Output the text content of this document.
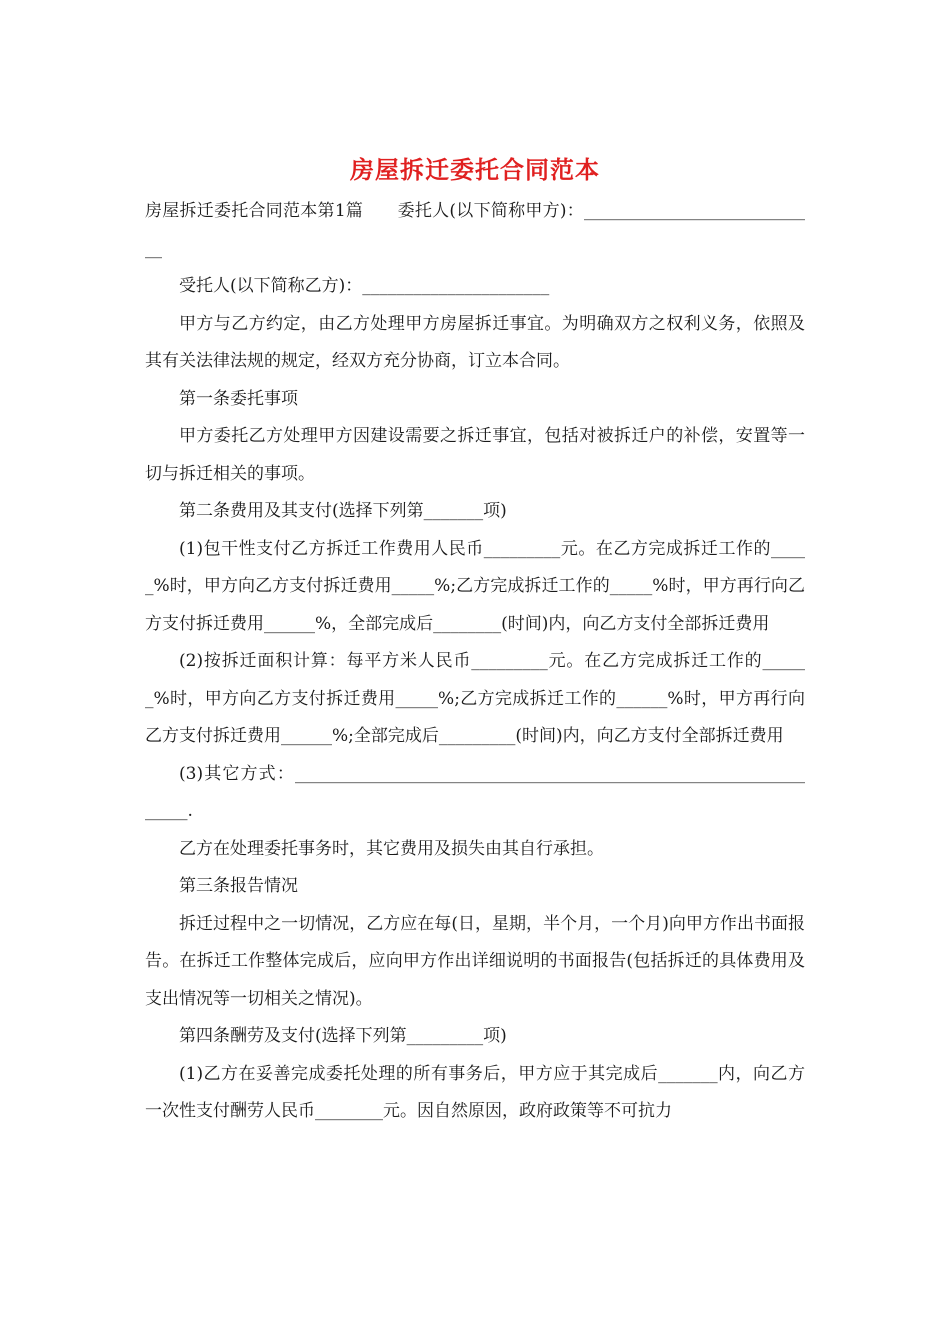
房屋拆迁委托合同范本

房屋拆迁委托合同范本第1篇　　委托人(以下简称甲方)：____________________________

受托人(以下简称乙方)：______________________

甲方与乙方约定，由乙方处理甲方房屋拆迁事宜。为明确双方之权利义务，依照及其有关法律法规的规定，经双方充分协商，订立本合同。

第一条委托事项

甲方委托乙方处理甲方因建设需要之拆迁事宜，包括对被拆迁户的补偿，安置等一切与拆迁相关的事项。

第二条费用及其支付(选择下列第_______项)

(1)包干性支付乙方拆迁工作费用人民币_________元。在乙方完成拆迁工作的_____%时，甲方向乙方支付拆迁费用_____%;乙方完成拆迁工作的_____%时，甲方再行向乙方支付拆迁费用______%，全部完成后________(时间)内，向乙方支付全部拆迁费用

(2)按拆迁面积计算：每平方米人民币_________元。在乙方完成拆迁工作的______%时，甲方向乙方支付拆迁费用_____%;乙方完成拆迁工作的______%时，甲方再行向乙方支付拆迁费用______%;全部完成后_________(时间)内，向乙方支付全部拆迁费用

(3)其它方式：_________________________________________________________________.

乙方在处理委托事务时，其它费用及损失由其自行承担。

第三条报告情况

拆迁过程中之一切情况，乙方应在每(日，星期，半个月，一个月)向甲方作出书面报告。在拆迁工作整体完成后，应向甲方作出详细说明的书面报告(包括拆迁的具体费用及支出情况等一切相关之情况)。

第四条酬劳及支付(选择下列第_________项)

(1)乙方在妥善完成委托处理的所有事务后，甲方应于其完成后_______内，向乙方一次性支付酬劳人民币________元。因自然原因，政府政策等不可抗力
